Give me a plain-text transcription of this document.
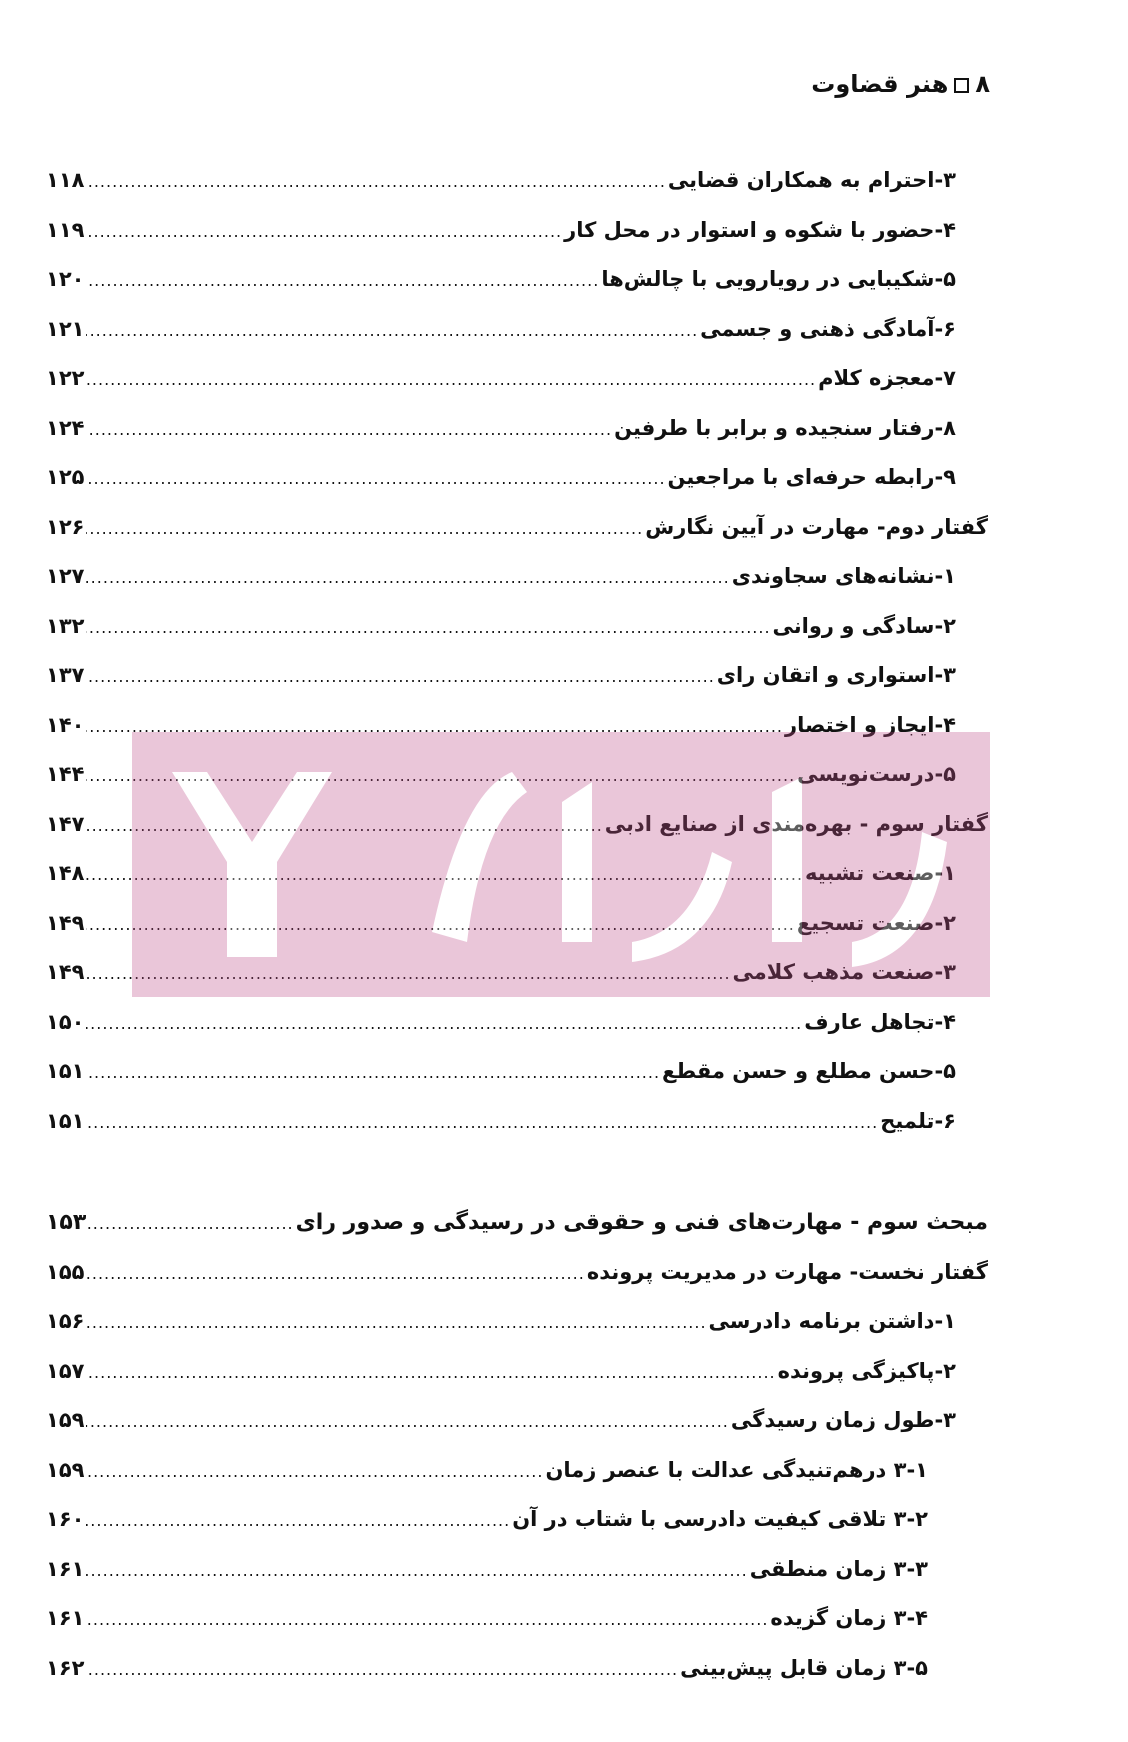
۸
هنر قضاوت
۳-احترام به همکاران قضایی
.....
۱۱۸
۴-حضور با شکوه و استوار در محل کار
.....
۱۱۹
۵-شکیبایی در رویارویی با چالش‌ها
.....
۱۲۰
۶-آمادگی ذهنی و جسمی
.....
۱۲۱
۷-معجزه کلام
.....
۱۲۲
۸-رفتار سنجیده و برابر با طرفین
.....
۱۲۴
۹-رابطه حرفه‌ای با مراجعین
.....
۱۲۵
گفتار دوم- مهارت در آیین نگارش
.....
۱۲۶
۱-نشانه‌های سجاوندی
.....
۱۲۷
۲-سادگی و روانی
.....
۱۳۲
۳-استواری و اتقان رای
.....
۱۳۷
۴-ایجاز و اختصار
.....
۱۴۰
۵-درست‌نویسی
.....
۱۴۴
گفتار سوم - بهره‌مندی از صنایع ادبی
.....
۱۴۷
۱-صنعت تشبیه
.....
۱۴۸
۲-صنعت تسجیع
.....
۱۴۹
۳-صنعت مذهب کلامی
.....
۱۴۹
۴-تجاهل عارف
.....
۱۵۰
۵-حسن مطلع و حسن مقطع
.....
۱۵۱
۶-تلمیح
.....
۱۵۱
مبحث سوم - مهارت‌های فنی و حقوقی در رسیدگی و صدور رای
.....
۱۵۳
گفتار نخست- مهارت در مدیریت پرونده
.....
۱۵۵
۱-داشتن برنامه دادرسی
.....
۱۵۶
۲-پاکیزگی پرونده
.....
۱۵۷
۳-طول زمان رسیدگی
.....
۱۵۹
۳-۱ درهم‌تنیدگی عدالت با عنصر زمان
.....
۱۵۹
۳-۲ تلاقی کیفیت دادرسی با شتاب در آن
.....
۱۶۰
۳-۳ زمان منطقی
.....
۱۶۱
۳-۴ زمان گزیده
.....
۱۶۱
۳-۵ زمان قابل پیش‌بینی
.....
۱۶۲
